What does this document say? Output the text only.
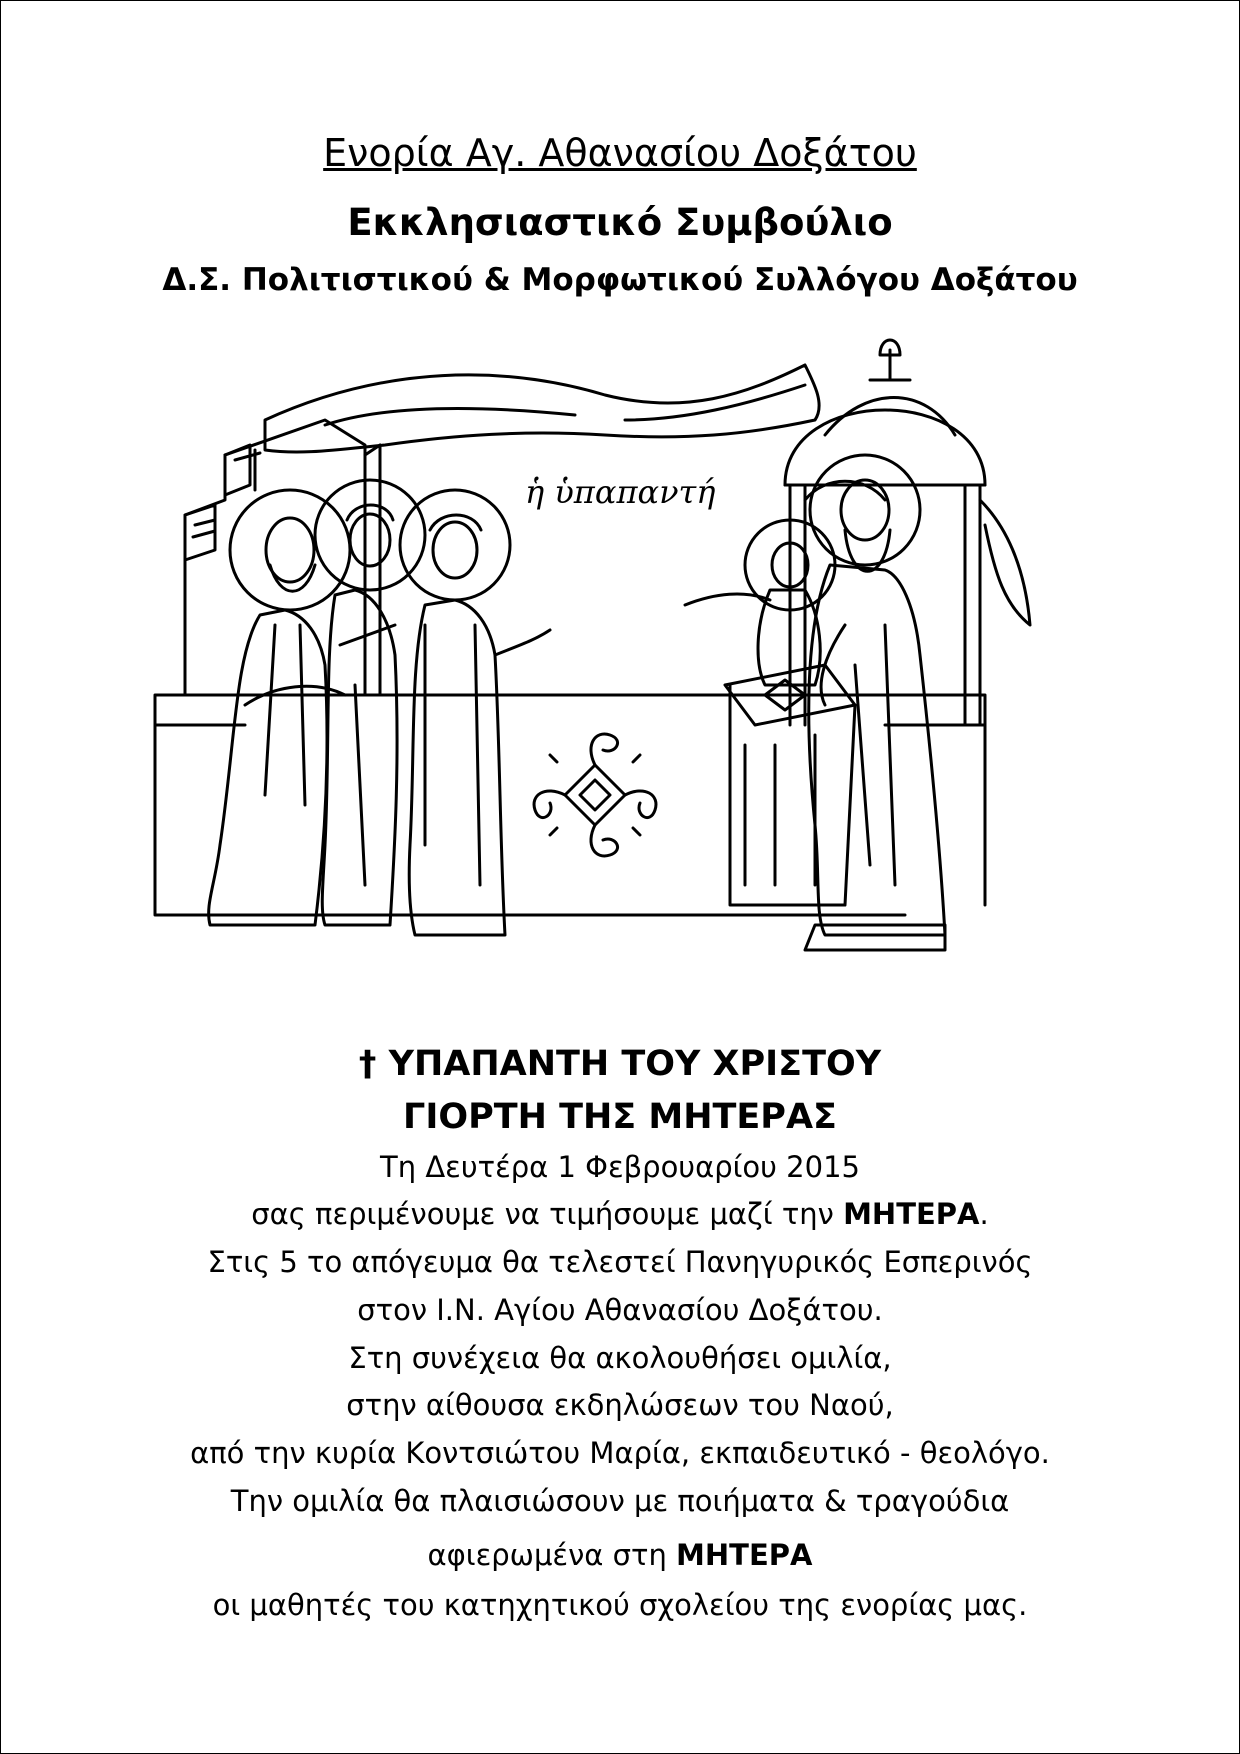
Ενορία Αγ. Αθανασίου Δοξάτου
Εκκλησιαστικό Συμβούλιο
Δ.Σ. Πολιτιστικού & Μορφωτικού Συλλόγου Δοξάτου
ἡ ὑπαπαντή
† ΥΠΑΠΑΝΤΗ ΤΟΥ ΧΡΙΣΤΟΥ
ΓΙΟΡΤΗ ΤΗΣ ΜΗΤΕΡΑΣ
Τη Δευτέρα 1 Φεβρουαρίου 2015
σας περιμένουμε να τιμήσουμε μαζί την ΜΗΤΕΡΑ.
Στις 5 το απόγευμα θα τελεστεί Πανηγυρικός Εσπερινός
στον Ι.Ν. Αγίου Αθανασίου Δοξάτου.
Στη συνέχεια θα ακολουθήσει ομιλία,
στην αίθουσα εκδηλώσεων του Ναού,
από την κυρία Κοντσιώτου Μαρία, εκπαιδευτικό - θεολόγο.
Την ομιλία θα πλαισιώσουν με ποιήματα & τραγούδια
αφιερωμένα στη ΜΗΤΕΡΑ
οι μαθητές του κατηχητικού σχολείου της ενορίας μας.
